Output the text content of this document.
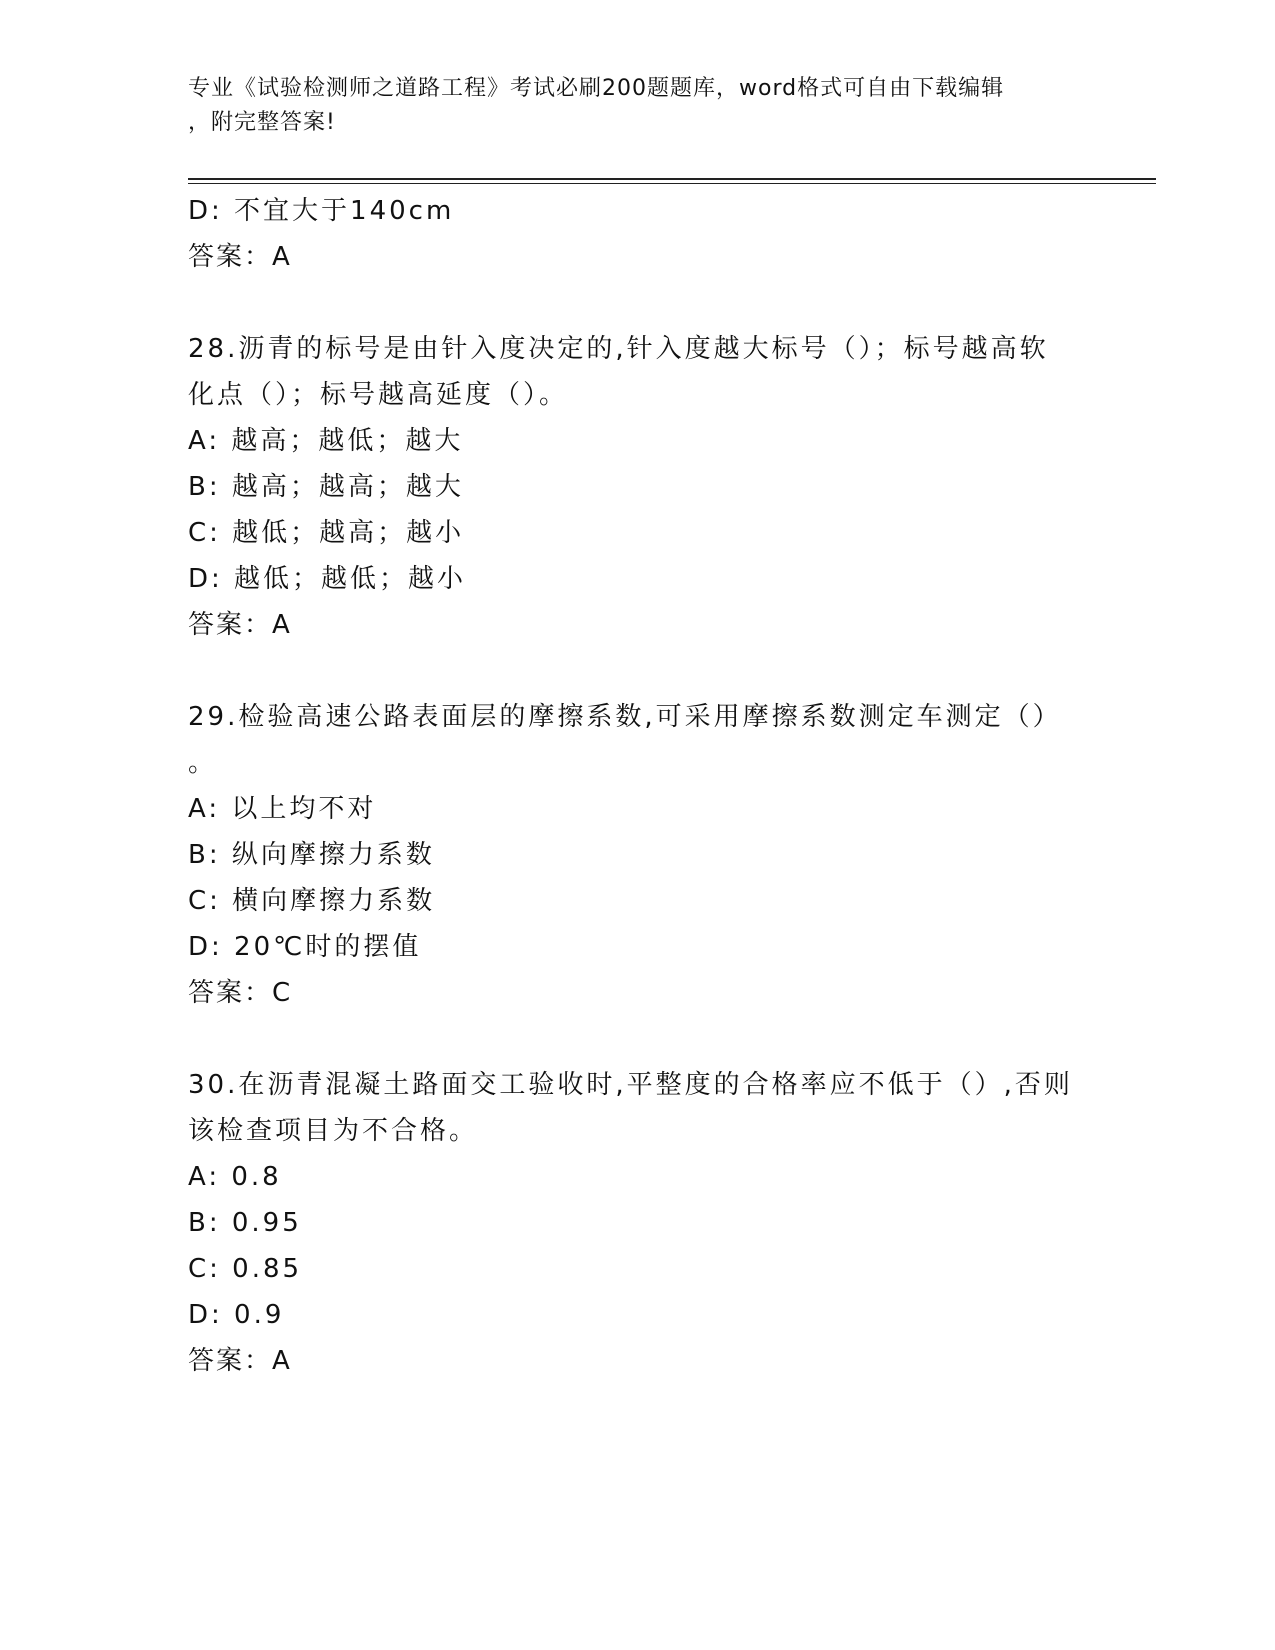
专业《试验检测师之道路工程》考试必刷200题题库，word格式可自由下载编辑
，附完整答案!
D: 不宜大于140cm
答案：A
28.沥青的标号是由针入度决定的,针入度越大标号（）；标号越高软
化点（）；标号越高延度（）。
A: 越高；越低；越大
B: 越高；越高；越大
C: 越低；越高；越小
D: 越低；越低；越小
答案：A
29.检验高速公路表面层的摩擦系数,可采用摩擦系数测定车测定（）
。
A: 以上均不对
B: 纵向摩擦力系数
C: 横向摩擦力系数
D: 20℃时的摆值
答案：C
30.在沥青混凝土路面交工验收时,平整度的合格率应不低于（）,否则
该检查项目为不合格。
A: 0.8
B: 0.95
C: 0.85
D: 0.9
答案：A
